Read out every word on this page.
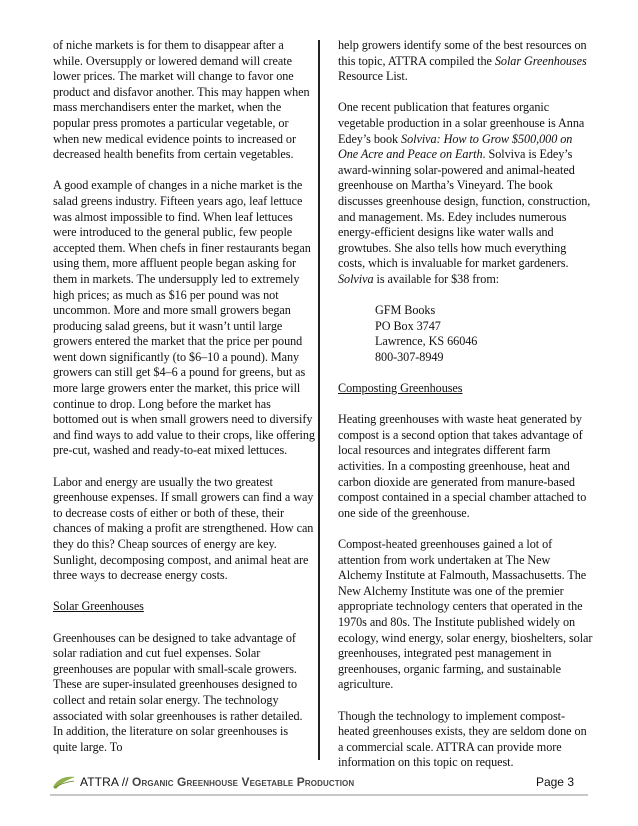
of niche markets is for them to disappear after a while. Oversupply or lowered demand will create lower prices. The market will change to favor one product and disfavor another. This may happen when mass merchandisers enter the market, when the popular press promotes a particular vegetable, or when new medical evidence points to increased or decreased health benefits from certain vegetables.

A good example of changes in a niche market is the salad greens industry. Fifteen years ago, leaf lettuce was almost impossible to find. When leaf lettuces were introduced to the general public, few people accepted them. When chefs in finer restaurants began using them, more affluent people began asking for them in markets. The undersupply led to extremely high prices; as much as $16 per pound was not uncommon. More and more small growers began producing salad greens, but it wasn’t until large growers entered the market that the price per pound went down significantly (to $6–10 a pound). Many growers can still get $4–6 a pound for greens, but as more large growers enter the market, this price will continue to drop. Long before the market has bottomed out is when small growers need to diversify and find ways to add value to their crops, like offering pre-cut, washed and ready-to-eat mixed lettuces.

Labor and energy are usually the two greatest greenhouse expenses. If small growers can find a way to decrease costs of either or both of these, their chances of making a profit are strengthened. How can they do this? Cheap sources of energy are key. Sunlight, decomposing compost, and animal heat are three ways to decrease energy costs.

Solar Greenhouses

Greenhouses can be designed to take advantage of solar radiation and cut fuel expenses. Solar greenhouses are popular with small-scale growers. These are super-insulated greenhouses designed to collect and retain solar energy. The technology associated with solar greenhouses is rather detailed. In addition, the literature on solar greenhouses is quite large. To

help growers identify some of the best resources on this topic, ATTRA compiled the Solar Greenhouses Resource List.

One recent publication that features organic vegetable production in a solar greenhouse is Anna Edey’s book Solviva: How to Grow $500,000 on One Acre and Peace on Earth. Solviva is Edey’s award-winning solar-powered and animal-heated greenhouse on Martha’s Vineyard. The book discusses greenhouse design, function, construction, and management. Ms. Edey includes numerous energy-efficient designs like water walls and growtubes. She also tells how much everything costs, which is invaluable for market gardeners. Solviva is available for $38 from:

GFM Books
PO Box 3747
Lawrence, KS 66046
800-307-8949

Composting Greenhouses

Heating greenhouses with waste heat generated by compost is a second option that takes advantage of local resources and integrates different farm activities. In a composting greenhouse, heat and carbon dioxide are generated from manure-based compost contained in a special chamber attached to one side of the greenhouse.

Compost-heated greenhouses gained a lot of attention from work undertaken at The New Alchemy Institute at Falmouth, Massachusetts. The New Alchemy Institute was one of the premier appropriate technology centers that operated in the 1970s and 80s. The Institute published widely on ecology, wind energy, solar energy, bioshelters, solar greenhouses, integrated pest management in greenhouses, organic farming, and sustainable agriculture.

Though the technology to implement compost-heated greenhouses exists, they are seldom done on a commercial scale. ATTRA can provide more information on this topic on request.

ATTRA // Organic Greenhouse Vegetable Production	Page 3
